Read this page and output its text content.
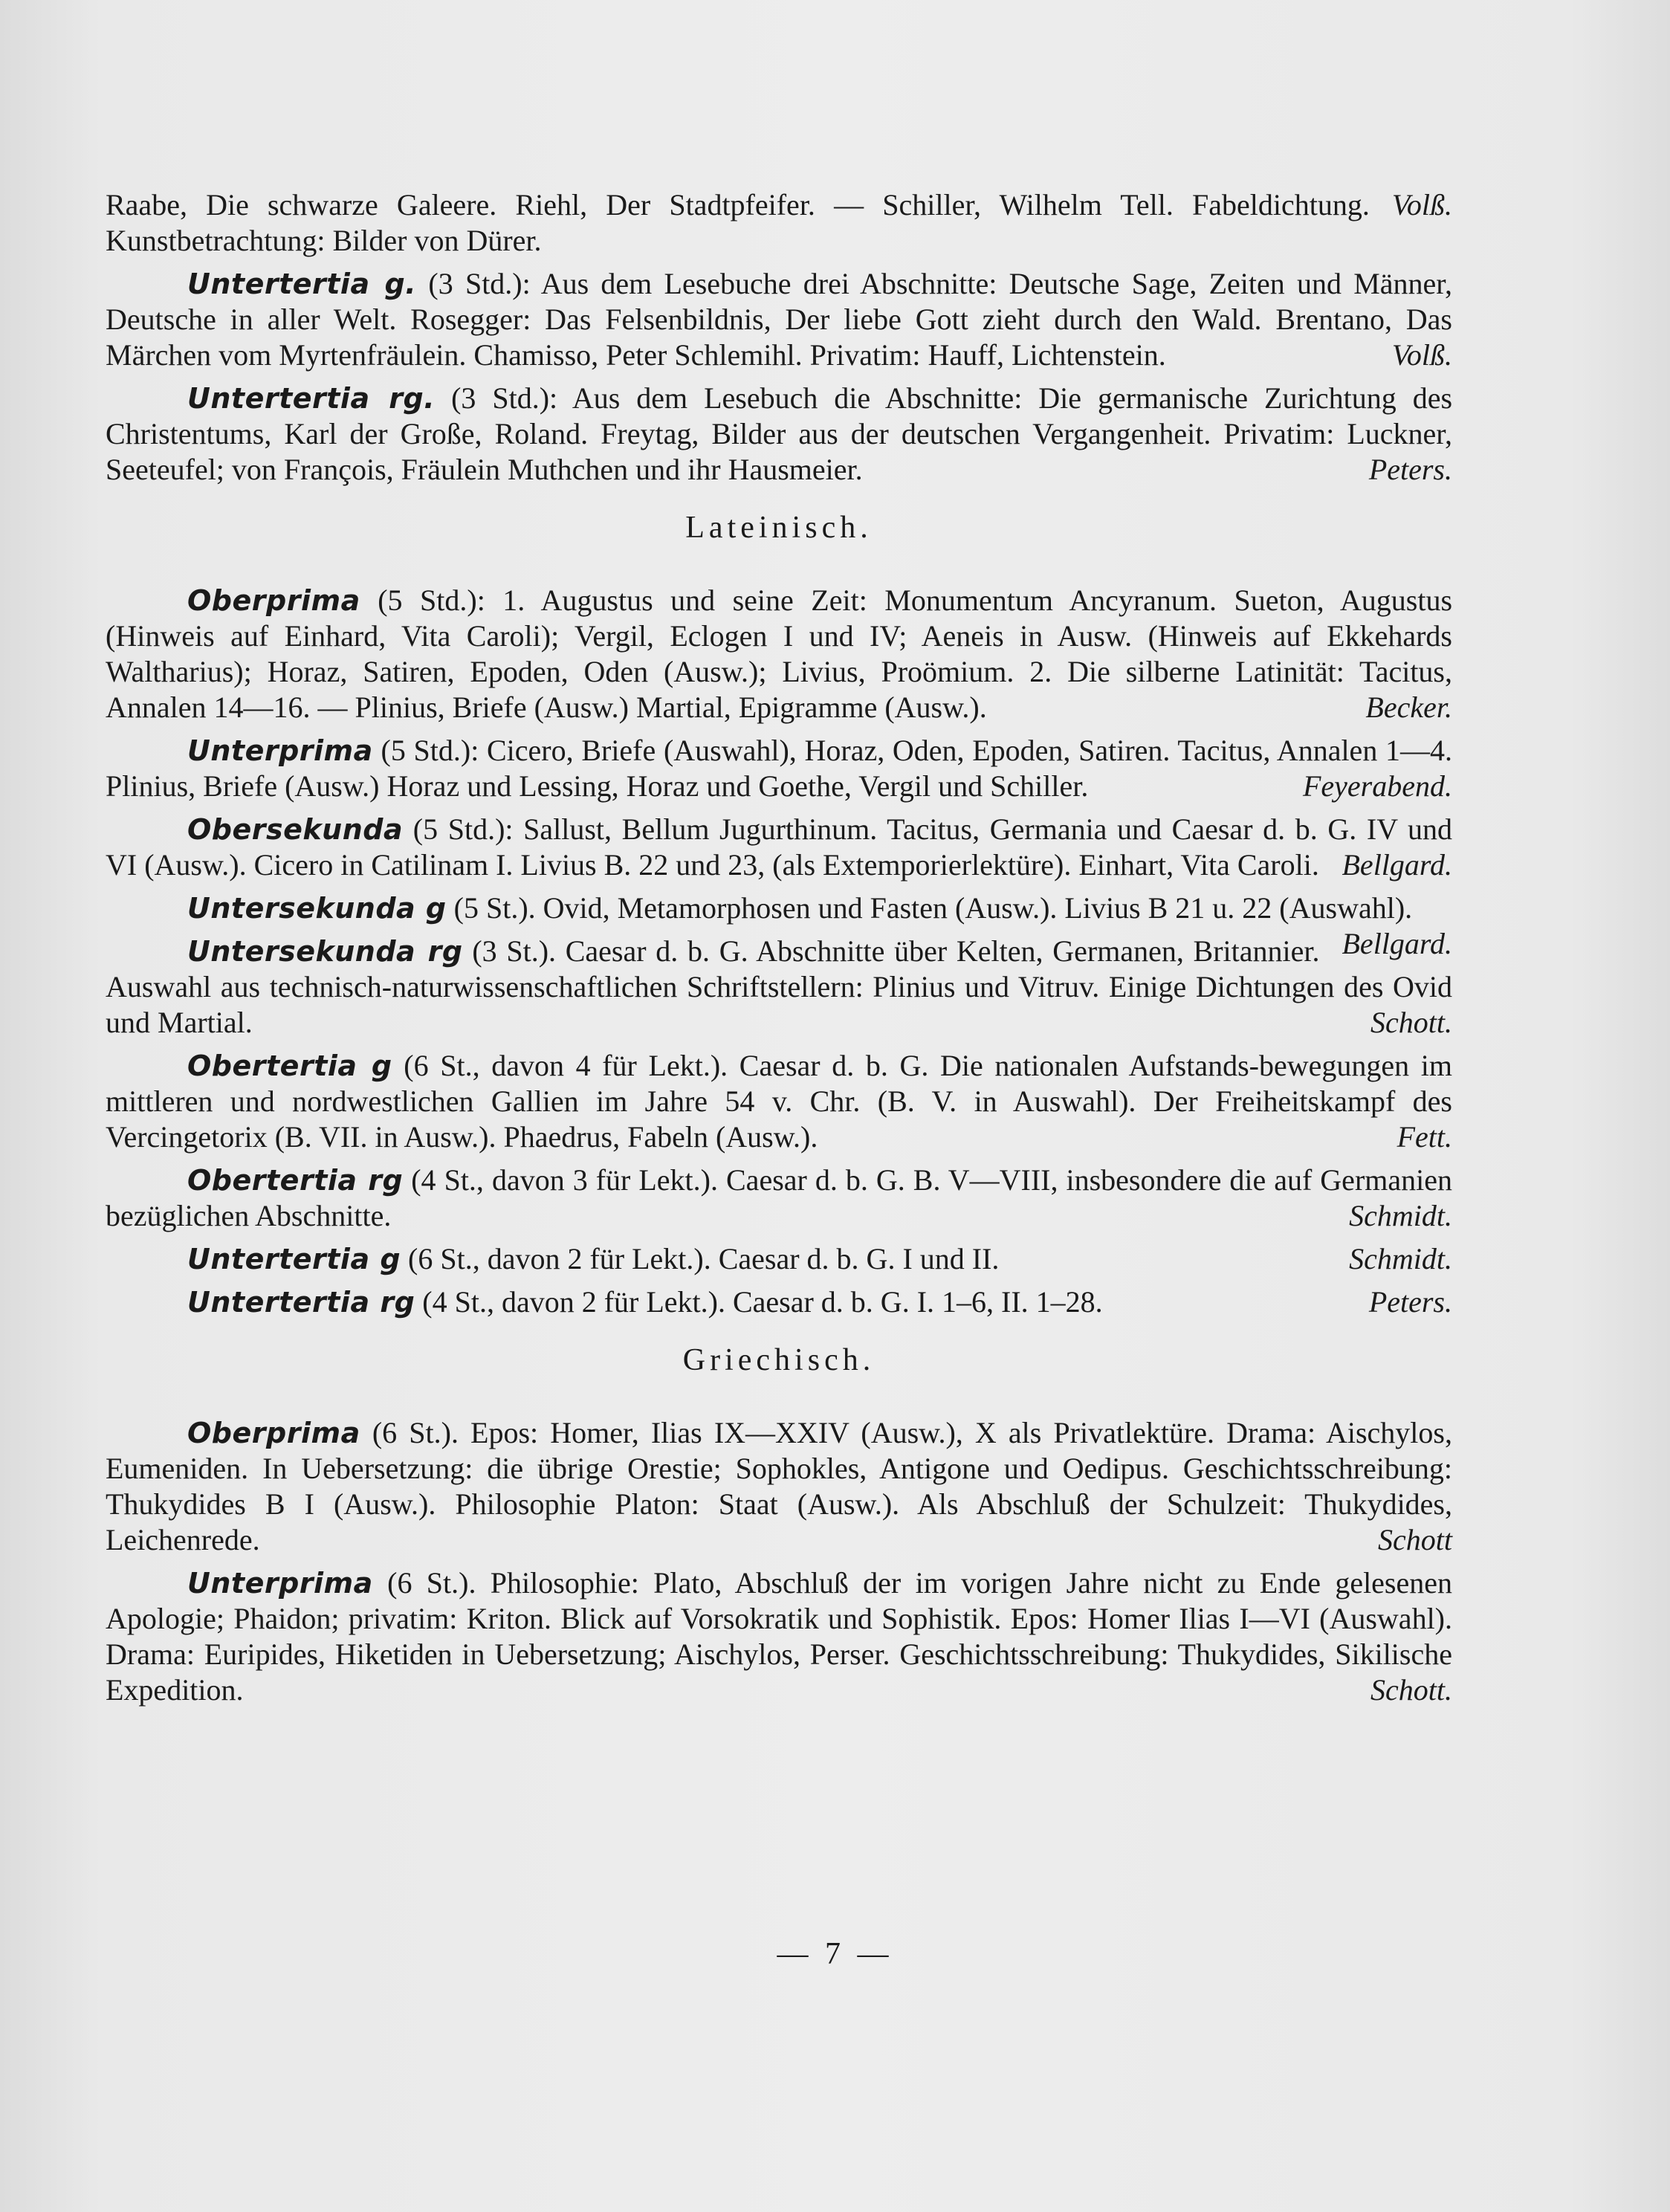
Volß.
Raabe, Die schwarze Galeere. Riehl, Der Stadtpfeifer. — Schiller, Wilhelm Tell. Fabeldichtung. Kunstbetrachtung: Bilder von Dürer.

Untertertia g. (3 Std.): Aus dem Lesebuche drei Abschnitte: Deutsche Sage, Zeiten und Männer, Deutsche in aller Welt. Rosegger: Das Felsenbildnis, Der liebe Gott zieht durch den Wald. Brentano, Das Märchen vom Myrtenfräulein. Chamisso, Peter Schlemihl. Privatim: Hauff, Lichtenstein.	Volß.

Untertertia rg. (3 Std.): Aus dem Lesebuch die Abschnitte: Die germanische Zurichtung des Christentums, Karl der Große, Roland. Freytag, Bilder aus der deutschen Vergangenheit. Privatim: Luckner, Seeteufel; von François, Fräulein Muthchen und ihr Hausmeier.	Peters.

Lateinisch.

Oberprima (5 Std.): 1. Augustus und seine Zeit: Monumentum Ancyranum. Sueton, Augustus (Hinweis auf Einhard, Vita Caroli); Vergil, Eclogen I und IV; Aeneis in Ausw. (Hinweis auf Ekkehards Waltharius); Horaz, Satiren, Epoden, Oden (Ausw.); Livius, Proömium. 2. Die silberne Latinität: Tacitus, Annalen 14—16. — Plinius, Briefe (Ausw.) Martial, Epigramme (Ausw.).	Becker.

Unterprima (5 Std.): Cicero, Briefe (Auswahl), Horaz, Oden, Epoden, Satiren. Tacitus, Annalen 1—4. Plinius, Briefe (Ausw.) Horaz und Lessing, Horaz und Goethe, Vergil und Schiller.	Feyerabend.

Obersekunda (5 Std.): Sallust, Bellum Jugurthinum. Tacitus, Germania und Caesar d. b. G. IV und VI (Ausw.). Cicero in Catilinam I. Livius B. 22 und 23, (als Extemporierlektüre). Einhart, Vita Caroli. Bellgard.

Untersekunda g (5 St.). Ovid, Metamorphosen und Fasten (Ausw.). Livius B 21 u. 22 (Auswahl).
Bellgard.

Untersekunda rg (3 St.). Caesar d. b. G. Abschnitte über Kelten, Germanen, Britannier. Auswahl aus technisch-naturwissenschaftlichen Schriftstellern: Plinius und Vitruv. Einige Dichtungen des Ovid und Martial.	Schott.

Obertertia g (6 St., davon 4 für Lekt.). Caesar d. b. G. Die nationalen Aufstands-bewegungen im mittleren und nordwestlichen Gallien im Jahre 54 v. Chr. (B. V. in Auswahl). Der Freiheitskampf des Vercingetorix (B. VII. in Ausw.). Phaedrus, Fabeln (Ausw.).	Fett.

Obertertia rg (4 St., davon 3 für Lekt.). Caesar d. b. G. B. V—VIII, insbesondere die auf Germanien bezüglichen Abschnitte.	Schmidt.

Untertertia g (6 St., davon 2 für Lekt.). Caesar d. b. G. I und II.	Schmidt.

Untertertia rg (4 St., davon 2 für Lekt.). Caesar d. b. G. I. 1–6, II. 1–28.	Peters.

Griechisch.

Oberprima (6 St.). Epos: Homer, Ilias IX—XXIV (Ausw.), X als Privatlektüre. Drama: Aischylos, Eumeniden. In Uebersetzung: die übrige Orestie; Sophokles, Antigone und Oedipus. Geschichtsschreibung: Thukydides B I (Ausw.). Philosophie Platon: Staat (Ausw.). Als Abschluß der Schulzeit: Thukydides, Leichenrede.	Schott

Unterprima (6 St.). Philosophie: Plato, Abschluß der im vorigen Jahre nicht zu Ende gelesenen Apologie; Phaidon; privatim: Kriton. Blick auf Vorsokratik und Sophistik. Epos: Homer Ilias I—VI (Auswahl). Drama: Euripides, Hiketiden in Uebersetzung; Aischylos, Perser. Geschichtsschreibung: Thukydides, Sikilische Expedition.	Schott.

— 7 —
